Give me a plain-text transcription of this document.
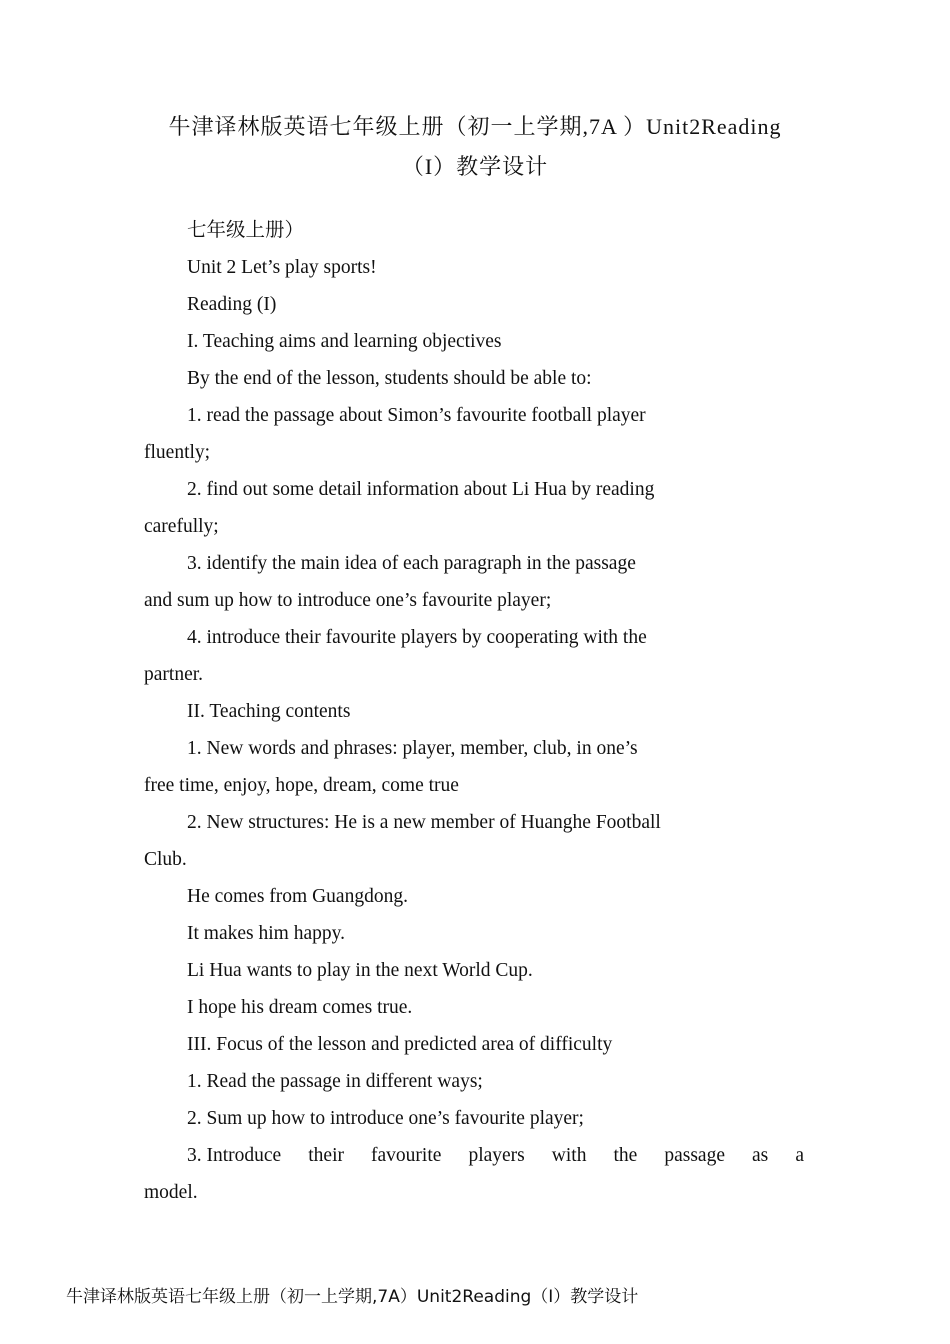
牛津译林版英语七年级上册（初一上学期,7A ）Unit2Reading
（I）教学设计
七年级上册）
Unit 2 Let’s play sports!
Reading (I)
I. Teaching aims and learning objectives
By the end of the lesson, students should be able to:
1. read the passage about Simon’s favourite football player
fluently;
2. find out some detail information about Li Hua by reading
carefully;
3. identify the main idea of each paragraph in the passage
and sum up how to introduce one’s favourite player;
4. introduce their favourite players by cooperating with the
partner.
II. Teaching contents
1. New words and phrases: player, member, club, in one’s
free time, enjoy, hope, dream, come true
2. New structures: He is a new member of Huanghe Football
Club.
He comes from Guangdong.
It makes him happy.
Li Hua wants to play in the next World Cup.
I hope his dream comes true.
III. Focus of the lesson and predicted area of difficulty
1. Read the passage in different ways;
2. Sum up how to introduce one’s favourite player;
3. Introduce their favourite players with the passage as a
model.
牛津译林版英语七年级上册（初一上学期,7A）Unit2Reading（I）教学设计
